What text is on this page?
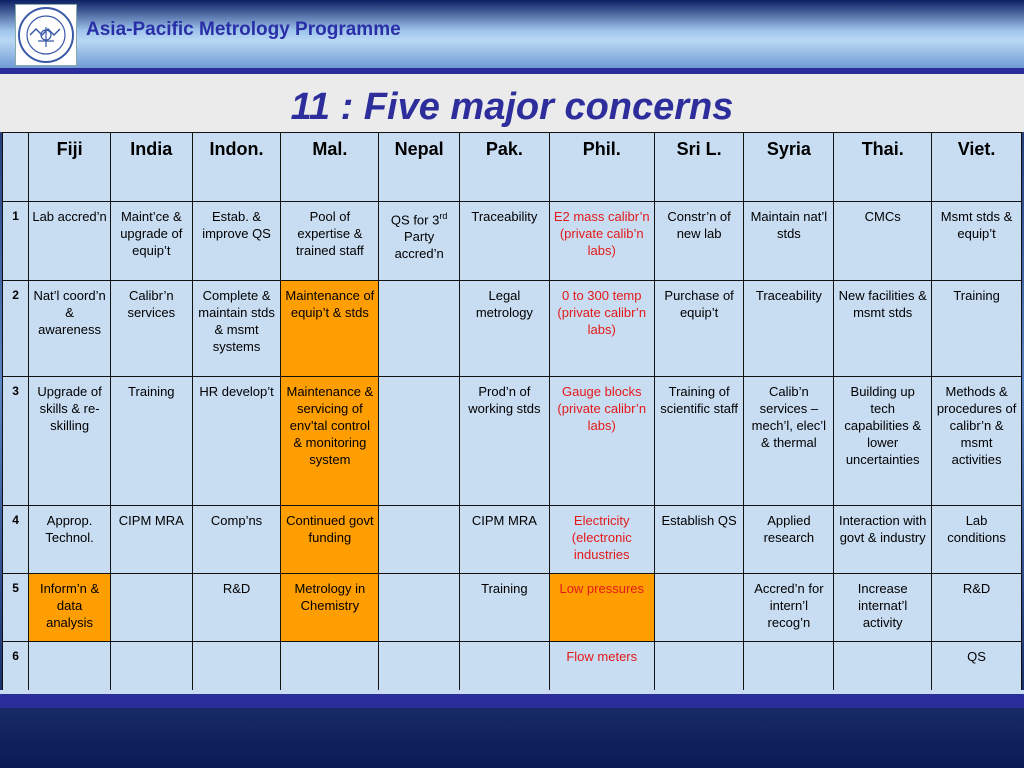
Asia-Pacific Metrology Programme
11 : Five major concerns
	Fiji	India	Indon.	Mal.	Nepal	Pak.	Phil.	Sri L.	Syria	Thai.	Viet.
1	Lab accred’n	Maint’ce & upgrade of equip’t	Estab. & improve QS	Pool of expertise & trained staff	QS for 3rd Party accred’n	Traceability	E2 mass calibr’n (private calib’n labs)	Constr’n of new lab	Maintain nat’l stds	CMCs	Msmt stds & equip’t
2	Nat’l coord’n & awareness	Calibr’n services	Complete & maintain stds & msmt systems	Maintenance of equip’t & stds		Legal metrology	0 to 300 temp (private calibr’n labs)	Purchase of equip’t	Traceability	New facilities & msmt stds	Training
3	Upgrade of skills & re-skilling	Training	HR develop’t	Maintenance & servicing of env’tal control & monitoring system		Prod’n of working stds	Gauge blocks (private calibr’n labs)	Training of scientific staff	Calib’n services – mech’l, elec’l & thermal	Building up tech capabilities & lower uncertainties	Methods & procedures of calibr’n & msmt activities
4	Approp. Technol.	CIPM MRA	Comp’ns	Continued govt funding		CIPM MRA	Electricity (electronic industries	Establish QS	Applied research	Interaction with govt & industry	Lab conditions
5	Inform’n & data analysis		R&D	Metrology in Chemistry		Training	Low pressures		Accred’n for intern’l recog’n	Increase internat’l activity	R&D
6							Flow meters				QS
